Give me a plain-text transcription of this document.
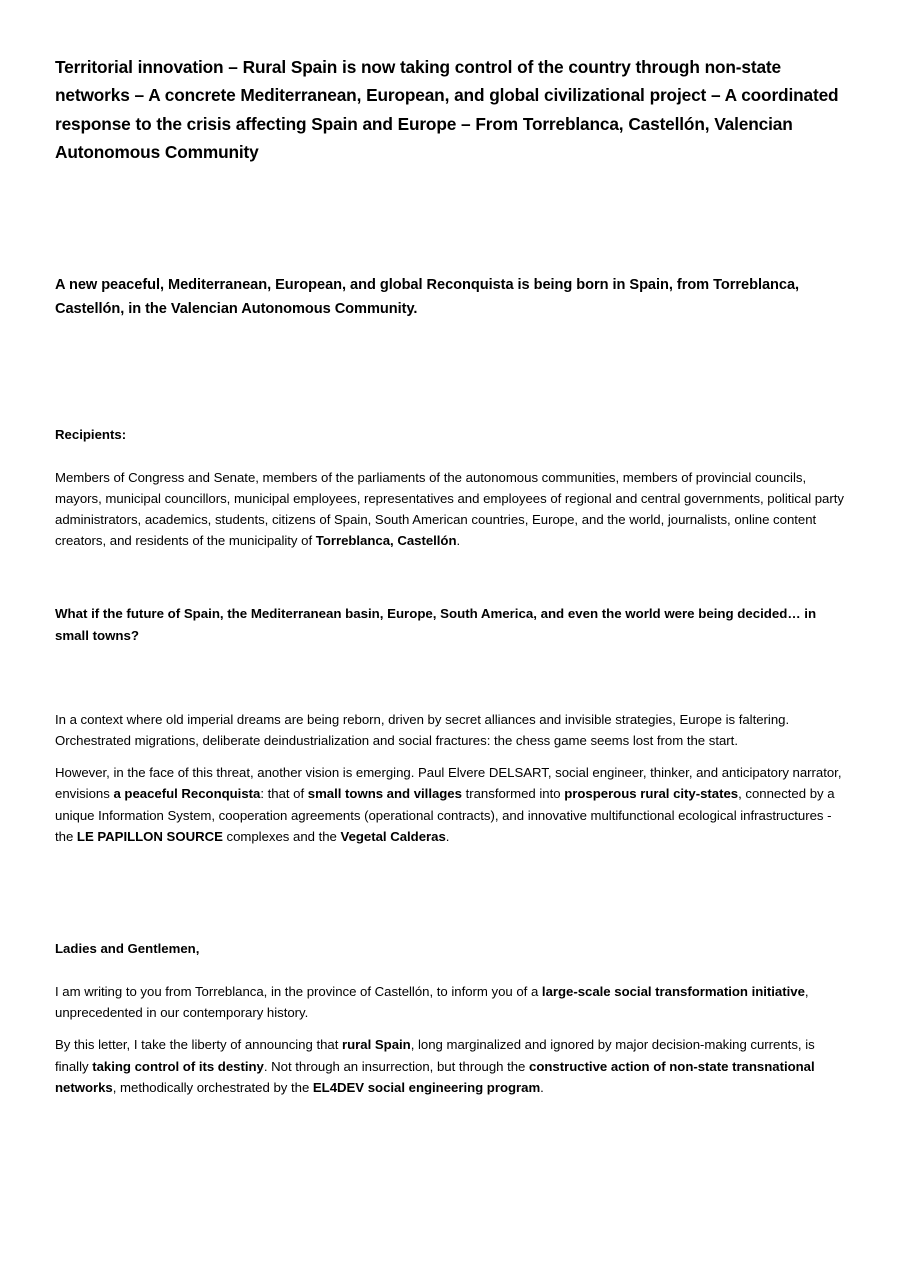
Territorial innovation – Rural Spain is now taking control of the country through non-state networks – A concrete Mediterranean, European, and global civilizational project – A coordinated response to the crisis affecting Spain and Europe – From Torreblanca, Castellón, Valencian Autonomous Community

A new peaceful, Mediterranean, European, and global Reconquista is being born in Spain, from Torreblanca, Castellón, in the Valencian Autonomous Community.

Recipients:

Members of Congress and Senate, members of the parliaments of the autonomous communities, members of provincial councils, mayors, municipal councillors, municipal employees, representatives and employees of regional and central governments, political party administrators, academics, students, citizens of Spain, South American countries, Europe, and the world, journalists, online content creators, and residents of the municipality of Torreblanca, Castellón.

What if the future of Spain, the Mediterranean basin, Europe, South America, and even the world were being decided… in small towns?

In a context where old imperial dreams are being reborn, driven by secret alliances and invisible strategies, Europe is faltering. Orchestrated migrations, deliberate deindustrialization and social fractures: the chess game seems lost from the start.

However, in the face of this threat, another vision is emerging. Paul Elvere DELSART, social engineer, thinker, and anticipatory narrator, envisions a peaceful Reconquista: that of small towns and villages transformed into prosperous rural city-states, connected by a unique Information System, cooperation agreements (operational contracts), and innovative multifunctional ecological infrastructures - the LE PAPILLON SOURCE complexes and the Vegetal Calderas.

Ladies and Gentlemen,

I am writing to you from Torreblanca, in the province of Castellón, to inform you of a large-scale social transformation initiative, unprecedented in our contemporary history.

By this letter, I take the liberty of announcing that rural Spain, long marginalized and ignored by major decision-making currents, is finally taking control of its destiny. Not through an insurrection, but through the constructive action of non-state transnational networks, methodically orchestrated by the EL4DEV social engineering program.
